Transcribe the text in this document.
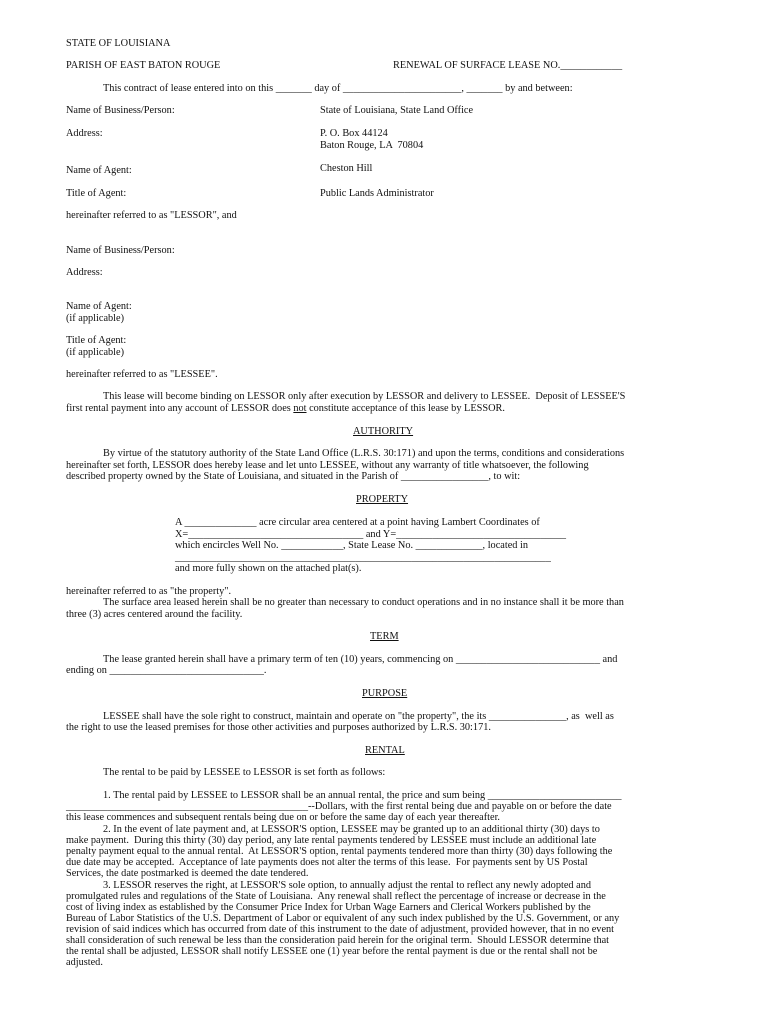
STATE OF LOUISIANA

PARISH OF EAST BATON ROUGE	RENEWAL OF SURFACE LEASE NO.____________

This contract of lease entered into on this _______ day of _______________________, _______ by and between:

Name of Business/Person:	State of Louisiana, State Land Office

Address:	P. O. Box 44124

Baton Rouge, LA  70804

Name of Agent:	Cheston Hill

Title of Agent:	Public Lands Administrator

hereinafter referred to as "LESSOR", and

Name of Business/Person:

Address:

Name of Agent:

(if applicable)

Title of Agent:

(if applicable)

hereinafter referred to as "LESSEE".

This lease will become binding on LESSOR only after execution by LESSOR and delivery to LESSEE.  Deposit of LESSEE'S

first rental payment into any account of LESSOR does not constitute acceptance of this lease by LESSOR.

AUTHORITY

By virtue of the statutory authority of the State Land Office (L.R.S. 30:171) and upon the terms, conditions and considerations

hereinafter set forth, LESSOR does hereby lease and let unto LESSEE, without any warranty of title whatsoever, the following

described property owned by the State of Louisiana, and situated in the Parish of _________________, to wit:

PROPERTY

A ______________ acre circular area centered at a point having Lambert Coordinates of

X=__________________________________ and Y=_________________________________

which encircles Well No. ____________, State Lease No. _____________, located in

_________________________________________________________________________

and more fully shown on the attached plat(s).

hereinafter referred to as "the property".

The surface area leased herein shall be no greater than necessary to conduct operations and in no instance shall it be more than

three (3) acres centered around the facility.

TERM

The lease granted herein shall have a primary term of ten (10) years, commencing on ____________________________ and

ending on ______________________________.

PURPOSE

LESSEE shall have the sole right to construct, maintain and operate on "the property", the its _______________, as  well as

the right to use the leased premises for those other activities and purposes authorized by L.R.S. 30:171.

RENTAL

The rental to be paid by LESSEE to LESSOR is set forth as follows:

1. The rental paid by LESSEE to LESSOR shall be an annual rental, the price and sum being __________________________

_______________________________________________--Dollars, with the first rental being due and payable on or before the date

this lease commences and subsequent rentals being due on or before the same day of each year thereafter.

2. In the event of late payment and, at LESSOR'S option, LESSEE may be granted up to an additional thirty (30) days to

make payment.  During this thirty (30) day period, any late rental payments tendered by LESSEE must include an additional late

penalty payment equal to the annual rental.  At LESSOR'S option, rental payments tendered more than thirty (30) days following the

due date may be accepted.  Acceptance of late payments does not alter the terms of this lease.  For payments sent by US Postal

Services, the date postmarked is deemed the date tendered.

3. LESSOR reserves the right, at LESSOR'S sole option, to annually adjust the rental to reflect any newly adopted and

promulgated rules and regulations of the State of Louisiana.  Any renewal shall reflect the percentage of increase or decrease in the

cost of living index as established by the Consumer Price Index for Urban Wage Earners and Clerical Workers published by the

Bureau of Labor Statistics of the U.S. Department of Labor or equivalent of any such index published by the U.S. Government, or any

revision of said indices which has occurred from date of this instrument to the date of adjustment, provided however, that in no event

shall consideration of such renewal be less than the consideration paid herein for the original term.  Should LESSOR determine that

the rental shall be adjusted, LESSOR shall notify LESSEE one (1) year before the rental payment is due or the rental shall not be

adjusted.
